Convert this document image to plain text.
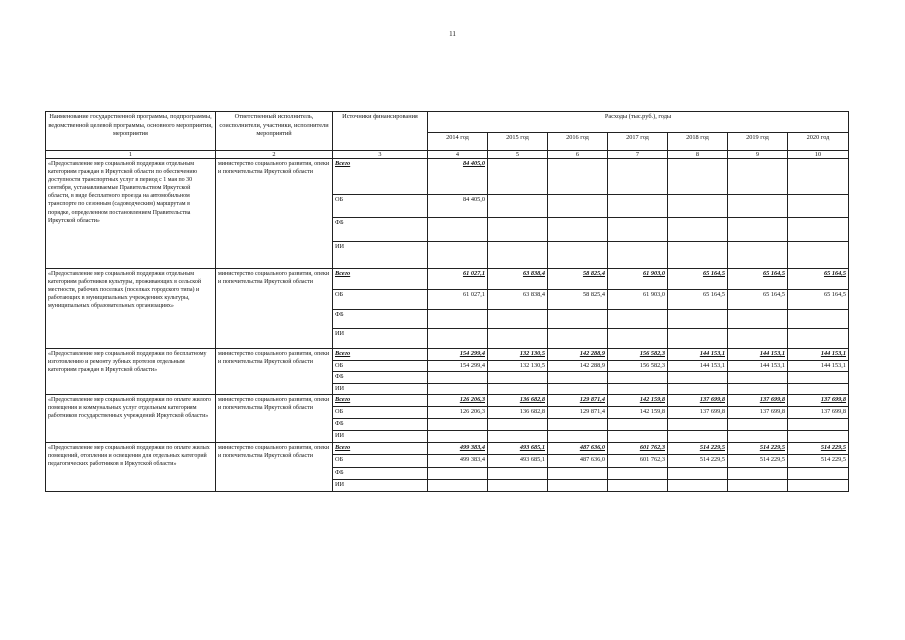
11
Наименование государственной программы, подпрограммы, ведомственной целевой программы, основного мероприятия, мероприятия	Ответственный исполнитель, соисполнители, участники, исполнители мероприятий	Источники финансирования	Расходы (тыс.руб.), годы						
			2014 год	2015 год	2016 год	2017 год	2018 год	2019 год	2020 год
1	2	3	4	5	6	7	8	9	10
«Предоставление мер социальной поддержки отдельным категориям граждан в Иркутской области по обеспечению доступности транспортных услуг в период с 1 мая по 30 сентября, устанавливаемые Правительством Иркутской области, в виде бесплатного проезда на автомобильном транспорте по сезонным (садоводческим) маршрутам в порядке, определенном постановлением Правительства Иркутской области»	министерство социального развития, опеки и попечительства Иркутской области	Всего	84 405,0						
		ОБ	84 405,0						
		ФБ							
		ИИ							
«Предоставление мер социальной поддержки отдельным категориям работников культуры, проживающих в сельской местности, рабочих поселках (поселках городского типа) и работающих в муниципальных учреждениях культуры, муниципальных образовательных организациях»	министерство социального развития, опеки и попечительства Иркутской области	Всего	61 027,1	63 838,4	58 825,4	61 903,0	65 164,5	65 164,5	65 164,5
		ОБ	61 027,1	63 838,4	58 825,4	61 903,0	65 164,5	65 164,5	65 164,5
		ФБ							
		ИИ							
«Предоставление мер социальной поддержки по бесплатному изготовлению и ремонту зубных протезов отдельным категориям граждан в Иркутской области»	министерство социального развития, опеки и попечительства Иркутской области	Всего	154 299,4	132 130,5	142 288,9	156 582,3	144 153,1	144 153,1	144 153,1
		ОБ	154 299,4	132 130,5	142 288,9	156 582,3	144 153,1	144 153,1	144 153,1
		ФБ							
		ИИ							
«Предоставление мер социальной поддержки по оплате жилого помещения и коммунальных услуг отдельным категориям работников государственных учреждений Иркутской области»	министерство социального развития, опеки и попечительства Иркутской области	Всего	126 206,3	136 682,8	129 871,4	142 159,8	137 699,8	137 699,8	137 699,8
		ОБ	126 206,3	136 682,8	129 871,4	142 159,8	137 699,8	137 699,8	137 699,8
		ФБ							
		ИИ							
«Предоставление мер социальной поддержки по оплате жилых помещений, отопления и освещения для отдельных категорий педагогических работников в Иркутской области»	министерство социального развития, опеки и попечительства Иркутской области	Всего	499 383,4	493 685,1	487 636,0	601 762,3	514 229,5	514 229,5	514 229,5
		ОБ	499 383,4	493 685,1	487 636,0	601 762,3	514 229,5	514 229,5	514 229,5
		ФБ							
		ИИ							
